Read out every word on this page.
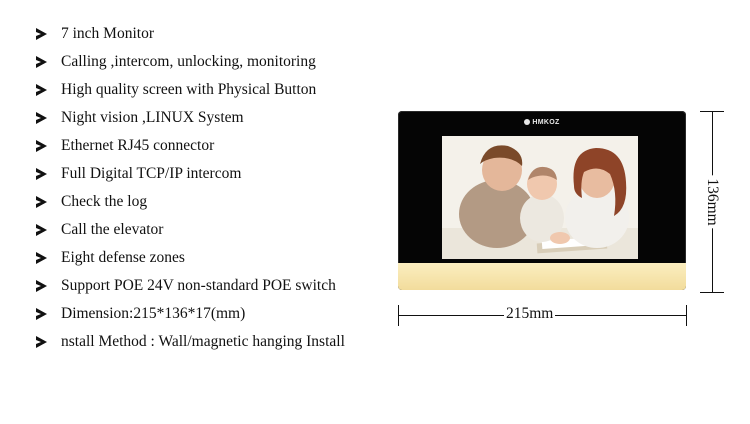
7 inch Monitor
Calling ,intercom, unlocking, monitoring
High quality screen with Physical Button
Night vision ,LINUX System
Ethernet RJ45 connector
Full Digital TCP/IP intercom
Check the log
Call the elevator
Eight defense zones
Support POE 24V non-standard POE switch
Dimension:215*136*17(mm)
nstall Method : Wall/magnetic hanging Install
HMKOZ
215mm
136mm
